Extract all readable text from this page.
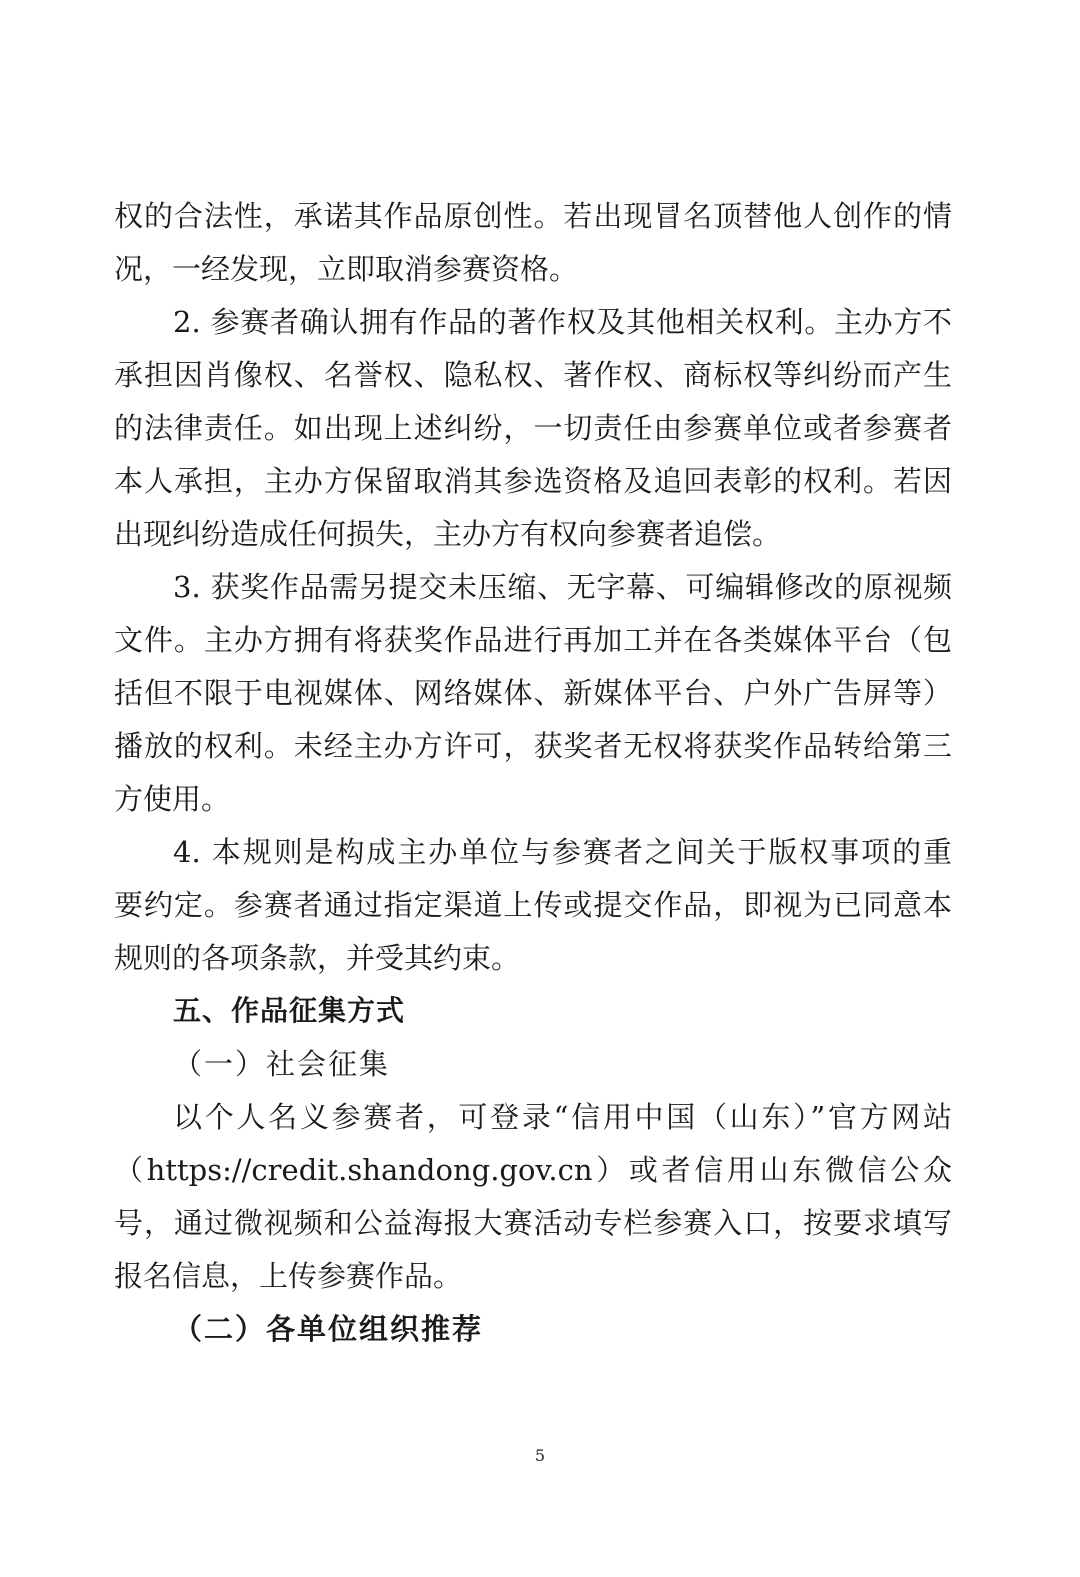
权的合法性，承诺其作品原创性。若出现冒名顶替他人创作的情

况，一经发现，立即取消参赛资格。

2. 参赛者确认拥有作品的著作权及其他相关权利。主办方不

承担因肖像权、名誉权、隐私权、著作权、商标权等纠纷而产生

的法律责任。如出现上述纠纷，一切责任由参赛单位或者参赛者

本人承担，主办方保留取消其参选资格及追回表彰的权利。若因

出现纠纷造成任何损失，主办方有权向参赛者追偿。

3. 获奖作品需另提交未压缩、无字幕、可编辑修改的原视频

文件。主办方拥有将获奖作品进行再加工并在各类媒体平台（包

括但不限于电视媒体、网络媒体、新媒体平台、户外广告屏等）

播放的权利。未经主办方许可，获奖者无权将获奖作品转给第三

方使用。

4. 本规则是构成主办单位与参赛者之间关于版权事项的重

要约定。参赛者通过指定渠道上传或提交作品，即视为已同意本

规则的各项条款，并受其约束。

五、作品征集方式

（一）社会征集

以个人名义参赛者，可登录“信用中国（山东）”官方网站

（https://credit.shandong.gov.cn）或者信用山东微信公众

号，通过微视频和公益海报大赛活动专栏参赛入口，按要求填写

报名信息，上传参赛作品。

（二）各单位组织推荐

5
